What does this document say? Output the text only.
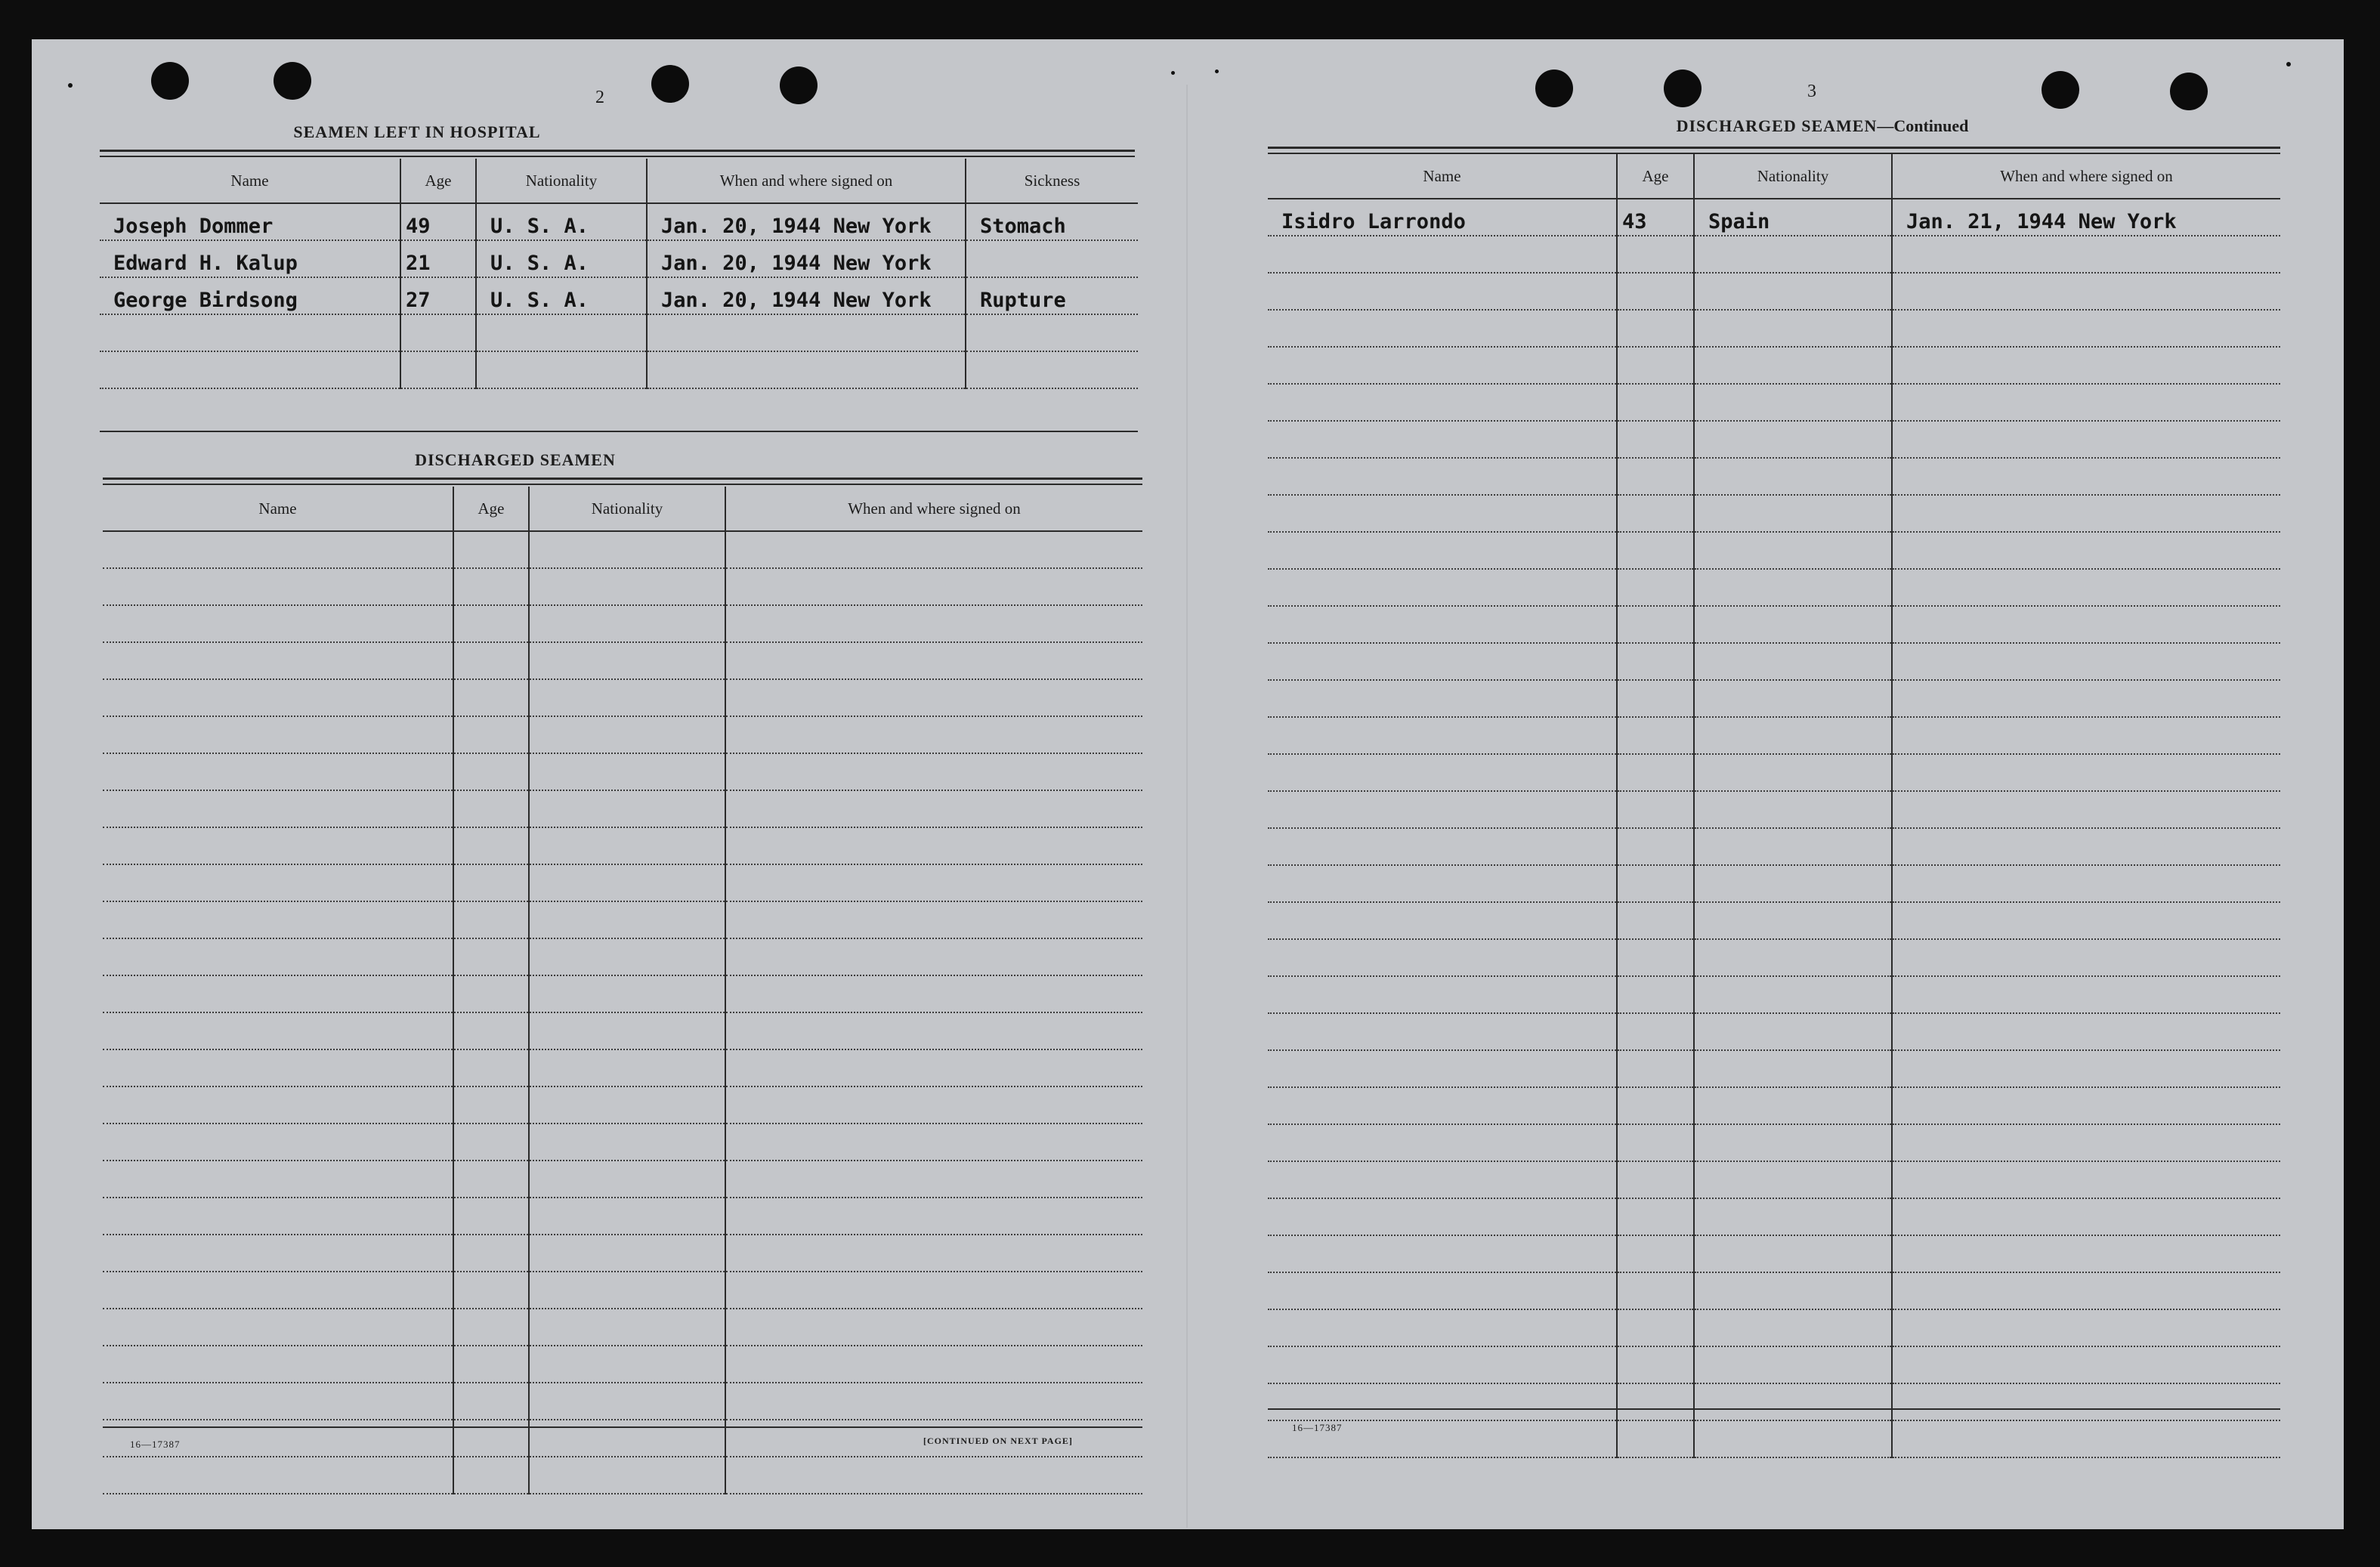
2
SEAMEN LEFT IN HOSPITAL
Name	Age	Nationality	When and where signed on	Sickness
Joseph Dommer	49	U. S. A.	Jan. 20, 1944 New York	Stomach
Edward H. Kalup	21	U. S. A.	Jan. 20, 1944 New York	
George Birdsong	27	U. S. A.	Jan. 20, 1944 New York	Rupture

DISCHARGED SEAMEN
Name	Age	Nationality	When and where signed on

16—17387	[CONTINUED ON NEXT PAGE]
3
DISCHARGED SEAMEN—Continued
Name	Age	Nationality	When and where signed on
Isidro Larrondo	43	Spain	Jan. 21, 1944 New York

16—17387
